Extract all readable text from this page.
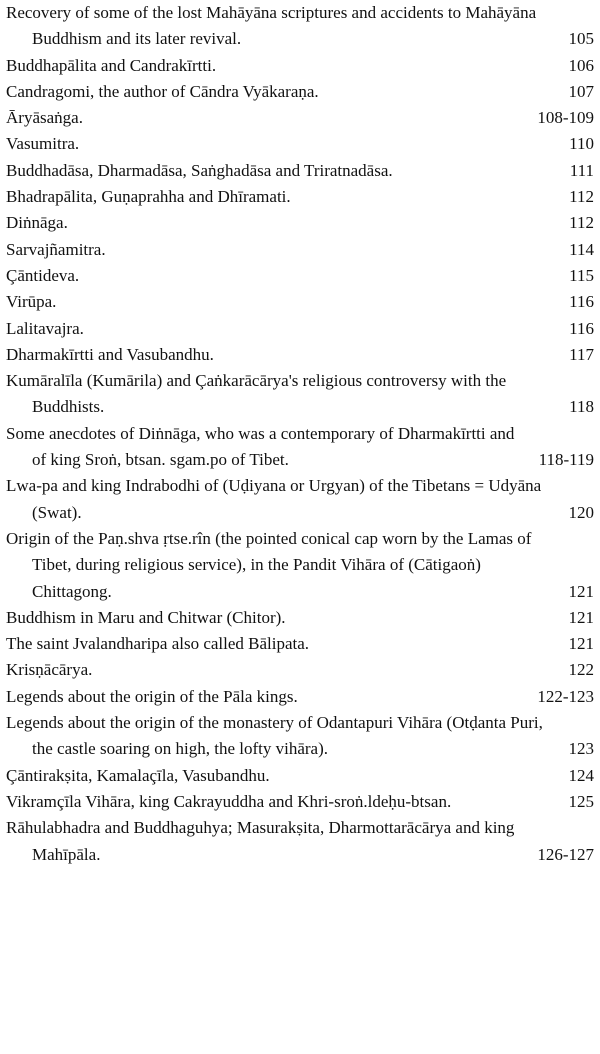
Recovery of some of the lost Mahāyāna scriptures and accidents to Mahāyāna Buddhism and its later revival.	105
Buddhapālita and Candrakīrtti.	106
Candragomi, the author of Cāndra Vyākaraṇa.	107
Āryāsaṅga.	108-109
Vasumitra.	110
Buddhadāsa, Dharmadāsa, Saṅghadāsa and Triratnadāsa.	111
Bhadrapālita, Guṇaprahha and Dhīramati.	112
Diṅnāga.	112
Sarvajñamitra.	114
Çāntideva.	115
Virūpa.	116
Lalitavajra.	116
Dharmakīrtti and Vasubandhu.	117
Kumāralīla (Kumārila) and Çaṅkarācārya's religious controversy with the Buddhists.	118
Some anecdotes of Diṅnāga, who was a contemporary of Dharmakīrtti and of king Sroṅ, btsan. sgam.po of Tibet.	118-119
Lwa-pa and king Indrabodhi of (Uḍiyana or Urgyan) of the Tibetans = Udyāna (Swat).	120
Origin of the Paṇ.shva ṛtse.rîn (the pointed conical cap worn by the Lamas of Tibet, during religious service), in the Pandit Vihāra of (Cātigaoṅ) Chittagong.	121
Buddhism in Maru and Chitwar (Chitor).	121
The saint Jvalandharipa also called Bālipata.	121
Krisṇācārya.	122
Legends about the origin of the Pāla kings.	122-123
Legends about the origin of the monastery of Odantapuri Vihāra (Otḍanta Puri, the castle soaring on high, the lofty vihāra).	123
Çāntirakṣita, Kamalaçīla, Vasubandhu.	124
Vikramçīla Vihāra, king Cakrayuddha and Khri-sroṅ.ldeḥu-btsan.	125
Rāhulabhadra and Buddhaguhya; Masurakṣita, Dharmottarācārya and king Mahīpāla.	126-127
